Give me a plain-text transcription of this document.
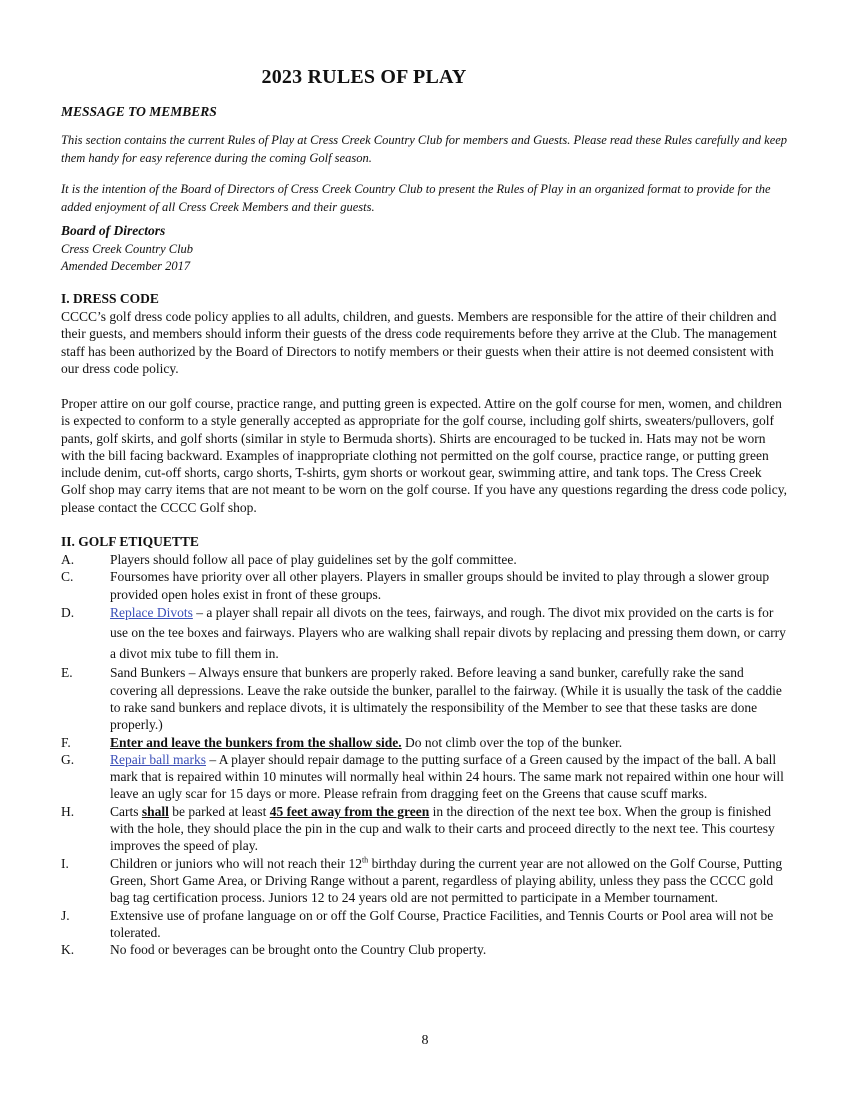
2023 RULES OF PLAY
MESSAGE TO MEMBERS

This section contains the current Rules of Play at Cress Creek Country Club for members and Guests. Please read these Rules carefully and keep them handy for easy reference during the coming Golf season.

It is the intention of the Board of Directors of Cress Creek Country Club to present the Rules of Play in an organized format to provide for the added enjoyment of all Cress Creek Members and their guests.

Board of Directors
Cress Creek Country Club
Amended December 2017
I. DRESS CODE

CCCC’s golf dress code policy applies to all adults, children, and guests. Members are responsible for the attire of their children and their guests, and members should inform their guests of the dress code requirements before they arrive at the Club. The management staff has been authorized by the Board of Directors to notify members or their guests when their attire is not deemed consistent with our dress code policy.

Proper attire on our golf course, practice range, and putting green is expected. Attire on the golf course for men, women, and children is expected to conform to a style generally accepted as appropriate for the golf course, including golf shirts, sweaters/pullovers, golf pants, golf skirts, and golf shorts (similar in style to Bermuda shorts). Shirts are encouraged to be tucked in. Hats may not be worn with the bill facing backward. Examples of inappropriate clothing not permitted on the golf course, practice range, or putting green include denim, cut-off shorts, cargo shorts, T-shirts, gym shorts or workout gear, swimming attire, and tank tops. The Cress Creek Golf shop may carry items that are not meant to be worn on the golf course. If you have any questions regarding the dress code policy, please contact the CCCC Golf shop.

II. GOLF ETIQUETTE
A.	Players should follow all pace of play guidelines set by the golf committee.
C.	Foursomes have priority over all other players. Players in smaller groups should be invited to play through a slower group provided open holes exist in front of these groups.
D.	Replace Divots – a player shall repair all divots on the tees, fairways, and rough. The divot mix provided on the carts is for use on the tee boxes and fairways. Players who are walking shall repair divots by replacing and pressing them down, or carry a divot mix tube to fill them in.
E.	Sand Bunkers – Always ensure that bunkers are properly raked. Before leaving a sand bunker, carefully rake the sand covering all depressions. Leave the rake outside the bunker, parallel to the fairway. (While it is usually the task of the caddie to rake sand bunkers and replace divots, it is ultimately the responsibility of the Member to see that these tasks are done properly.)
F.	Enter and leave the bunkers from the shallow side. Do not climb over the top of the bunker.
G.	Repair ball marks – A player should repair damage to the putting surface of a Green caused by the impact of the ball. A ball mark that is repaired within 10 minutes will normally heal within 24 hours. The same mark not repaired within one hour will leave an ugly scar for 15 days or more. Please refrain from dragging feet on the Greens that cause scuff marks.
H.	Carts shall be parked at least 45 feet away from the green in the direction of the next tee box. When the group is finished with the hole, they should place the pin in the cup and walk to their carts and proceed directly to the next tee. This courtesy improves the speed of play.
I.	Children or juniors who will not reach their 12th birthday during the current year are not allowed on the Golf Course, Putting Green, Short Game Area, or Driving Range without a parent, regardless of playing ability, unless they pass the CCCC gold bag tag certification process. Juniors 12 to 24 years old are not permitted to participate in a Member tournament.
J.	Extensive use of profane language on or off the Golf Course, Practice Facilities, and Tennis Courts or Pool area will not be tolerated.
K.	No food or beverages can be brought onto the Country Club property.
8
